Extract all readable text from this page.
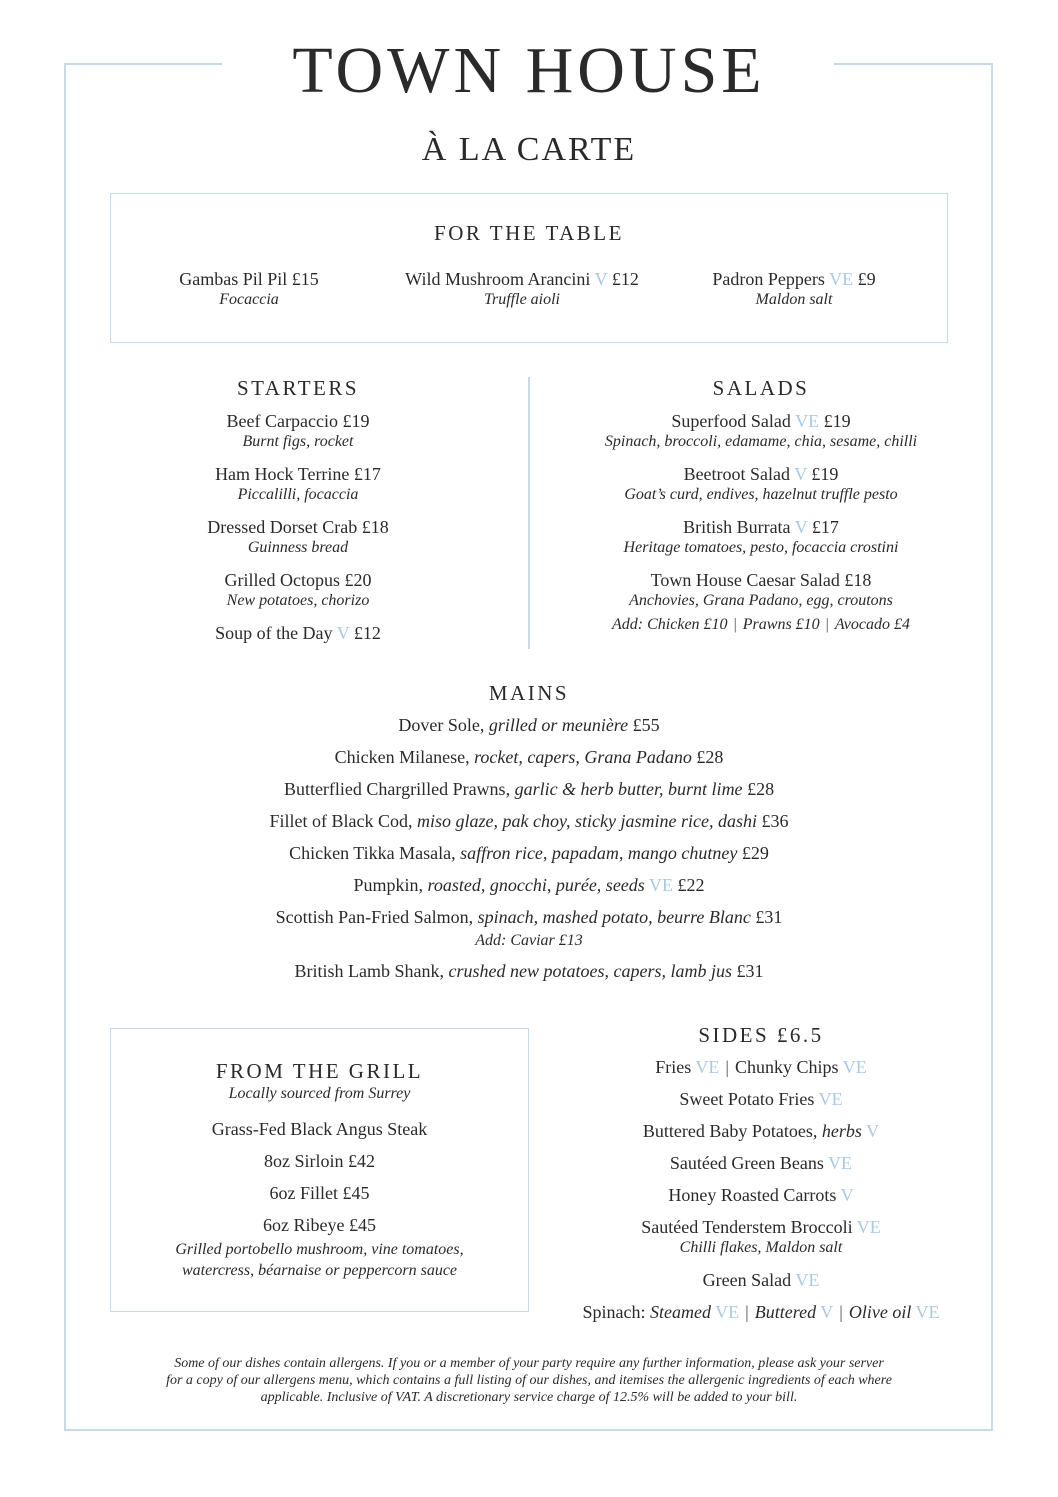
TOWN HOUSE
À LA CARTE
FOR THE TABLE
Gambas Pil Pil £15
Focaccia
Wild Mushroom Arancini V £12
Truffle aioli
Padron Peppers VE £9
Maldon salt
STARTERS
Beef Carpaccio £19
Burnt figs, rocket
Ham Hock Terrine £17
Piccalilli, focaccia
Dressed Dorset Crab £18
Guinness bread
Grilled Octopus £20
New potatoes, chorizo
Soup of the Day V £12
SALADS
Superfood Salad VE £19
Spinach, broccoli, edamame, chia, sesame, chilli
Beetroot Salad V £19
Goat’s curd, endives, hazelnut truffle pesto
British Burrata V £17
Heritage tomatoes, pesto, focaccia crostini
Town House Caesar Salad £18
Anchovies, Grana Padano, egg, croutons
Add: Chicken £10 | Prawns £10 | Avocado £4
MAINS
Dover Sole, grilled or meunière £55
Chicken Milanese, rocket, capers, Grana Padano £28
Butterflied Chargrilled Prawns, garlic & herb butter, burnt lime £28
Fillet of Black Cod, miso glaze, pak choy, sticky jasmine rice, dashi £36
Chicken Tikka Masala, saffron rice, papadam, mango chutney £29
Pumpkin, roasted, gnocchi, purée, seeds VE £22
Scottish Pan-Fried Salmon, spinach, mashed potato, beurre Blanc £31
Add: Caviar £13
British Lamb Shank, crushed new potatoes, capers, lamb jus £31
FROM THE GRILL
Locally sourced from Surrey
Grass-Fed Black Angus Steak
8oz Sirloin £42
6oz Fillet £45
6oz Ribeye £45
Grilled portobello mushroom, vine tomatoes,
watercress, béarnaise or peppercorn sauce
SIDES £6.5
Fries VE | Chunky Chips VE
Sweet Potato Fries VE
Buttered Baby Potatoes, herbs V
Sautéed Green Beans VE
Honey Roasted Carrots V
Sautéed Tenderstem Broccoli VE
Chilli flakes, Maldon salt
Green Salad VE
Spinach: Steamed VE | Buttered V | Olive oil VE
Some of our dishes contain allergens. If you or a member of your party require any further information, please ask your server
for a copy of our allergens menu, which contains a full listing of our dishes, and itemises the allergenic ingredients of each where
applicable. Inclusive of VAT. A discretionary service charge of 12.5% will be added to your bill.
